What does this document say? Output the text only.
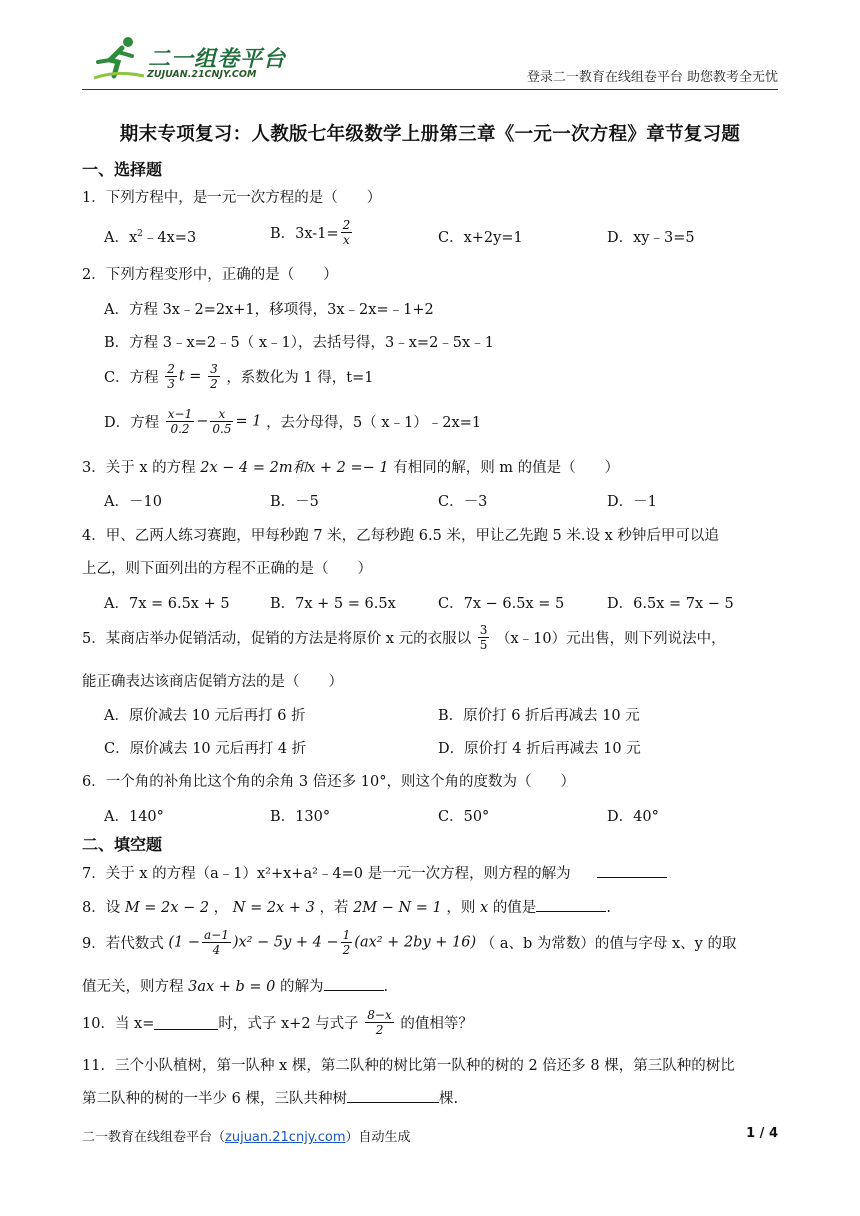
二一组卷平台
ZUJUAN.21CNJY.COM	登录二一教育在线组卷平台 助您教考全无忧
期末专项复习：人教版七年级数学上册第三章《一元一次方程》章节复习题
一、选择题
1．下列方程中，是一元一次方程的是（　　）
A．$x^2﹣4x=3$	B．$3x-1= \frac{2}{x}$	C．x+2y=1	D．xy﹣3=5
2．下列方程变形中，正确的是（　　）
A．方程 3x﹣2=2x+1，移项得，3x﹣2x=﹣1+2
B．方程 3﹣x=2﹣5（ x﹣1），去括号得，3﹣x=2﹣5x﹣1
C．方程 $\frac{2}{3}$ $t = \frac{3}{2}$ ，系数化为 1 得，t=1
D．方程 $\frac{x-1}{0.2} - \frac{x}{0.5} = 1$ ，去分母得，5（ x﹣1）﹣2x=1
3．关于 x 的方程 2x − 4 = 2m和x + 2 =− 1 有相同的解，则 m 的值是（　　）
A．－10	B．－5	C．－3	D．－1
4．甲、乙两人练习赛跑，甲每秒跑 7 米，乙每秒跑 6.5 米，甲让乙先跑 5 米.设 x 秒钟后甲可以追
上乙，则下面列出的方程不正确的是（　　）
A．7x = 6.5x + 5	B．7x + 5 = 6.5x	C．7x − 6.5x = 5	D．6.5x = 7x − 5
5．某商店举办促销活动，促销的方法是将原价 x 元的衣服以 $\frac{3}{5}$ （x﹣10）元出售，则下列说法中，
能正确表达该商店促销方法的是（　　）
A．原价减去 10 元后再打 6 折	B．原价打 6 折后再减去 10 元
C．原价减去 10 元后再打 4 折	D．原价打 4 折后再减去 10 元
6．一个角的补角比这个角的余角 3 倍还多 10°，则这个角的度数为（　　）
A．140°	B．130°	C．50°	D．40°
二、填空题
7．关于 x 的方程（a﹣1）x²+x+a²﹣4=0 是一元一次方程，则方程的解为
8．设 M = 2x − 2 ， N = 2x + 3 ，若 2M − N = 1 ，则 x 的值是	.
9．若代数式 $(1 - \frac{a-1}{4} )x^2 - 5y + 4 - \frac{1}{2} (ax^2 + 2by + 16)$ （ a、b 为常数）的值与字母 x、y 的取
值无关，则方程 3ax + b = 0 的解为	.
10．当 x=	时，式子 x+2 与式子 $\frac{8-x}{2}$ 的值相等？
11．三个小队植树，第一队种 x 棵，第二队种的树比第一队种的树的 2 倍还多 8 棵，第三队种的树比
第二队种的树的一半少 6 棵，三队共种树	棵.
二一教育在线组卷平台（zujuan.21cnjy.com）自动生成	1 / 4
